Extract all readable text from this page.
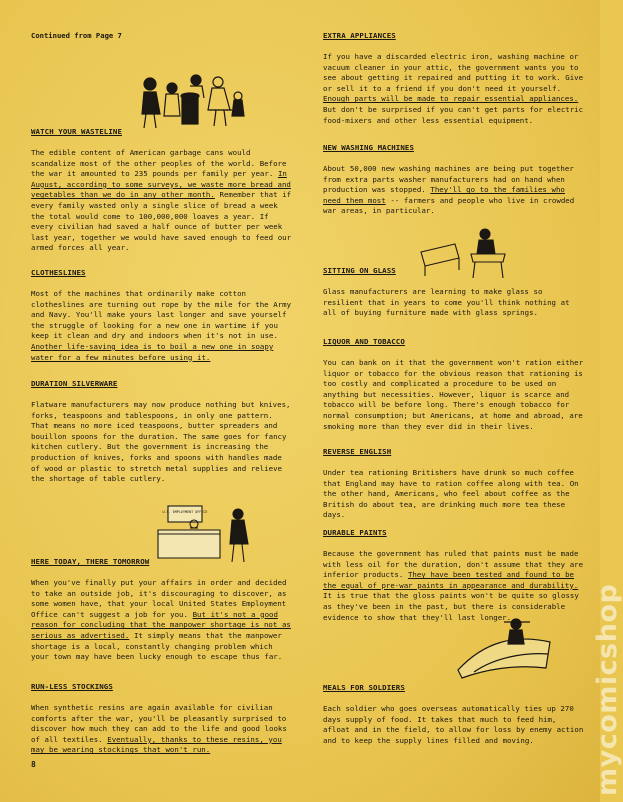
Continued from Page 7
U.S. EMPLOYMENT OFFICE
WATCH YOUR WASTELINE
The edible content of American garbage cans would scandalize most of the other peoples of the world. Before the war it amounted to 235 pounds per family per year. In August, according to some surveys, we waste more bread and vegetables than we do in any other month. Remember that if every family wasted only a single slice of bread a week the total would come to 100,000,000 loaves a year. If every civilian had saved a half ounce of butter per week last year, together we would have saved enough to feed our armed forces all year.
CLOTHESLINES
Most of the machines that ordinarily make cotton clotheslines are turning out rope by the mile for the Army and Navy. You'll make yours last longer and save yourself the struggle of looking for a new one in wartime if you keep it clean and dry and indoors when it's not in use. Another life-saving idea is to boil a new one in soapy water for a few minutes before using it.
DURATION SILVERWARE
Flatware manufacturers may now produce nothing but knives, forks, teaspoons and tablespoons, in only one pattern. That means no more iced teaspoons, butter spreaders and bouillon spoons for the duration. The same goes for fancy kitchen cutlery. But the government is increasing the production of knives, forks and spoons with handles made of wood or plastic to stretch metal supplies and relieve the shortage of table cutlery.
HERE TODAY, THERE TOMORROW
When you've finally put your affairs in order and decided to take an outside job, it's discouraging to discover, as some women have, that your local United States Employment Office can't suggest a job for you. But it's not a good reason for concluding that the manpower shortage is not as serious as advertised. It simply means that the manpower shortage is a local, constantly changing problem which your town may have been lucky enough to escape thus far.
RUN-LESS STOCKINGS
When synthetic resins are again available for civilian comforts after the war, you'll be pleasantly surprised to discover how much they can add to the life and good looks of all textiles. Eventually, thanks to these resins, you may be wearing stockings that won't run.
EXTRA APPLIANCES
If you have a discarded electric iron, washing machine or vacuum cleaner in your attic, the government wants you to see about getting it repaired and putting it to work. Give or sell it to a friend if you don't need it yourself. Enough parts will be made to repair essential appliances. But don't be surprised if you can't get parts for electric food-mixers and other less essential equipment.
NEW WASHING MACHINES
About 50,000 new washing machines are being put together from extra parts washer manufacturers had on hand when production was stopped. They'll go to the families who need them most -- farmers and people who live in crowded war areas, in particular.
SITTING ON GLASS
Glass manufacturers are learning to make glass so resilient that in years to come you'll think nothing at all of buying furniture made with glass springs.
LIQUOR AND TOBACCO
You can bank on it that the government won't ration either liquor or tobacco for the obvious reason that rationing is too costly and complicated a procedure to be used on anything but necessities. However, liquor is scarce and tobacco will be before long. There's enough tobacco for normal consumption; but Americans, at home and abroad, are smoking more than they ever did in their lives.
REVERSE ENGLISH
Under tea rationing Britishers have drunk so much coffee that England may have to ration coffee along with tea. On the other hand, Americans, who feel about coffee as the British do about tea, are drinking much more tea these days.
DURABLE PAINTS
Because the government has ruled that paints must be made with less oil for the duration, don't assume that they are inferior products. They have been tested and found to be the equal of pre-war paints in appearance and durability. It is true that the gloss paints won't be quite so glossy as they've been in the past, but there is considerable evidence to show that they'll last longer.
MEALS FOR SOLDIERS
Each soldier who goes overseas automatically ties up 270 days supply of food. It takes that much to feed him, afloat and in the field, to allow for loss by enemy action and to keep the supply lines filled and moving.
8	mycomicshop
